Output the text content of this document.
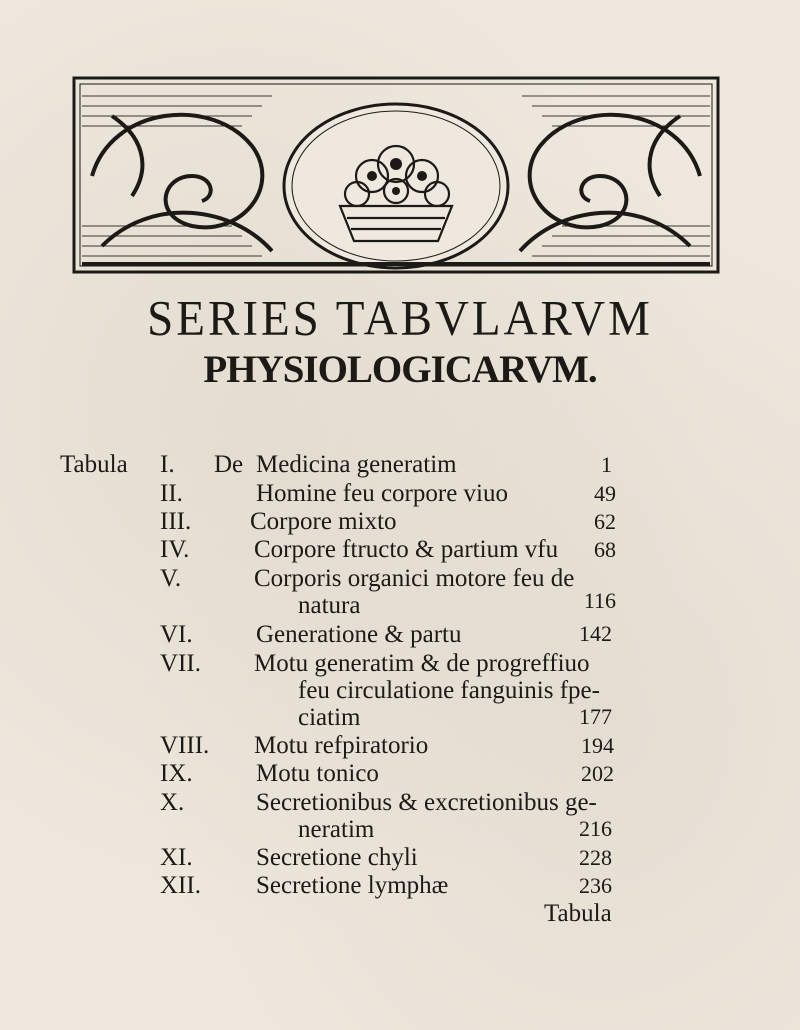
SERIES TABVLARVM
PHYSIOLOGICARVM.
Tabula	De
I.	Medicina generatim	1
II.	Homine feu corpore viuo	49
III. Corpore mixto	62
IV.	Corpore ftructo & partium vfu	68
V.	Corporis organici motore feu de
natura	116
VI.	Generatione & partu	142
VII. Motu generatim & de progreffiuo
feu circulatione fanguinis fpe-
ciatim	177
VIII. Motu refpiratorio	194
IX.	Motu tonico	202
X.	Secretionibus & excretionibus ge-
neratim	216
XI.	Secretione chyli	228
XII. Secretione lymphæ	236
Tabula
